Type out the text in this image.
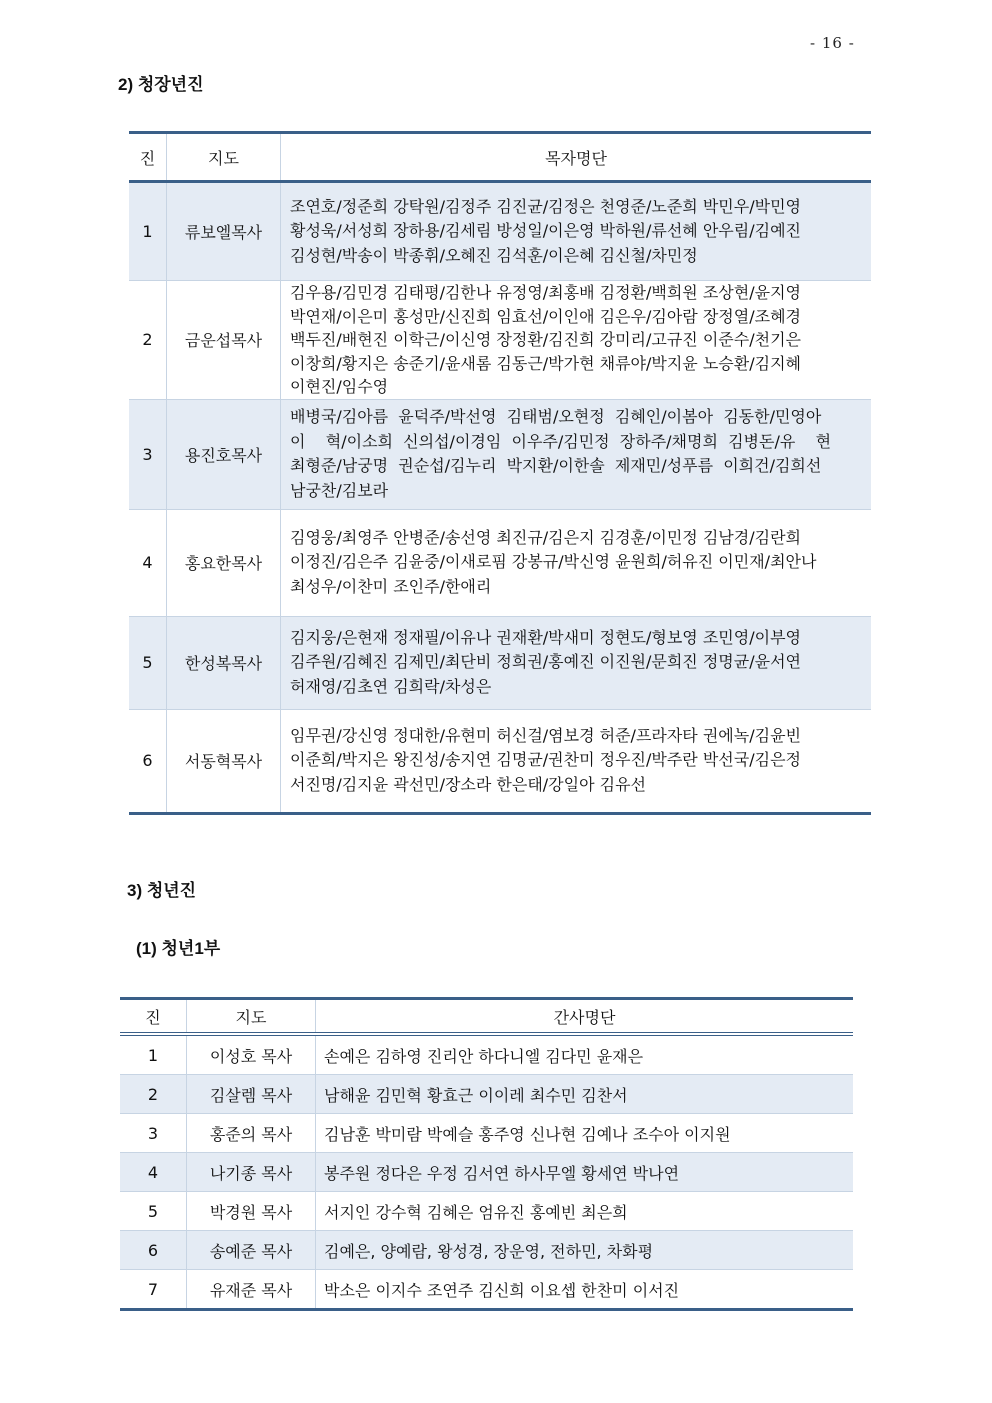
- 16 -
2) 청장년진
진	지도	목자명단
1	류보엘목사	조연호/정준희 강탁원/김정주 김진균/김정은 천영준/노준희 박민우/박민영
황성욱/서성희 장하용/김세림 방성일/이은영 박하원/류선혜 안우림/김예진
김성현/박송이 박종휘/오혜진 김석훈/이은혜 김신철/차민정

2	금운섭목사	김우용/김민경 김태평/김한나 유정영/최홍배 김정환/백희원 조상현/윤지영
박연재/이은미 홍성만/신진희 임효선/이인애 김은우/김아람 장정열/조혜경
백두진/배현진 이학근/이신영 장정환/김진희 강미리/고규진 이준수/천기은
이창희/황지은 송준기/윤새롬 김동근/박가현 채류야/박지윤 노승환/김지혜
이현진/임수영

3	용진호목사	배병국/김아름  윤덕주/박선영  김태범/오현정  김혜인/이봄아  김동한/민영아
이    혁/이소희  신의섭/이경임  이우주/김민정  장하주/채명희  김병돈/유    현
최형준/남궁명  권순섭/김누리  박지환/이한솔  제재민/성푸름  이희건/김희선
남궁찬/김보라

4	홍요한목사	김영웅/최영주 안병준/송선영 최진규/김은지 김경훈/이민정 김남경/김란희
이정진/김은주 김윤중/이새로핌 강봉규/박신영 윤원희/허유진 이민재/최안나
최성우/이찬미 조인주/한애리

5	한성복목사	김지웅/은현재 정재필/이유나 권재환/박새미 정현도/형보영 조민영/이부영
김주원/김혜진 김제민/최단비 정희권/홍예진 이진원/문희진 정명균/윤서연
허재영/김초연 김희락/차성은

6	서동혁목사	임무권/강신영 정대한/유현미 허신걸/염보경 허준/프라자타 권에녹/김윤빈
이준희/박지은 왕진성/송지연 김명균/권찬미 정우진/박주란 박선국/김은정
서진명/김지윤 곽선민/장소라 한은태/강일아 김유선
3) 청년진
(1) 청년1부
진	지도	간사명단
1	이성호 목사	손예은 김하영 진리안 하다니엘 김다민 윤재은
2	김살렘 목사	남해윤 김민혁 황효근 이이레 최수민 김찬서
3	홍준의 목사	김남훈 박미람 박예슬 홍주영 신나현 김예나 조수아 이지원
4	나기종 목사	봉주원 정다은 우정 김서연 하사무엘 황세연 박나연
5	박경원 목사	서지인 강수혁 김혜은 엄유진 홍예빈 최은희
6	송예준 목사	김예은, 양예람, 왕성경, 장운영, 전하민, 차화평
7	유재준 목사	박소은 이지수 조연주 김신희 이요셉 한찬미 이서진
